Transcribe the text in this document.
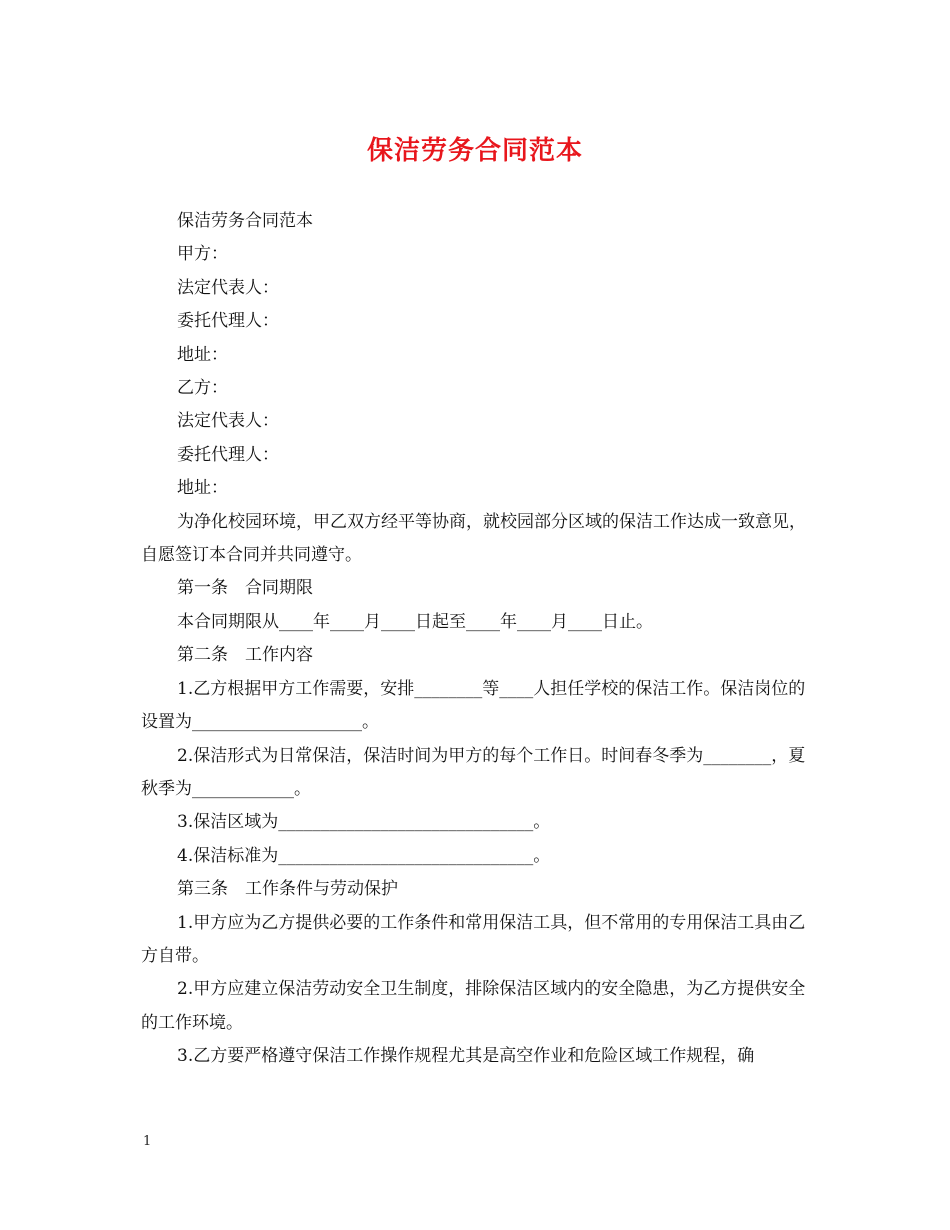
保洁劳务合同范本

保洁劳务合同范本

甲方：

法定代表人：

委托代理人：

地址：

乙方：

法定代表人：

委托代理人：

地址：

为净化校园环境，甲乙双方经平等协商，就校园部分区域的保洁工作达成一致意见，自愿签订本合同并共同遵守。

第一条　合同期限

本合同期限从____年____月____日起至____年____月____日止。

第二条　工作内容

1.乙方根据甲方工作需要，安排________等____人担任学校的保洁工作。保洁岗位的设置为____________________。

2.保洁形式为日常保洁，保洁时间为甲方的每个工作日。时间春冬季为________，夏秋季为____________。

3.保洁区域为______________________________。

4.保洁标准为______________________________。

第三条　工作条件与劳动保护

1.甲方应为乙方提供必要的工作条件和常用保洁工具，但不常用的专用保洁工具由乙方自带。

2.甲方应建立保洁劳动安全卫生制度，排除保洁区域内的安全隐患，为乙方提供安全的工作环境。

3.乙方要严格遵守保洁工作操作规程尤其是高空作业和危险区域工作规程，确

1
